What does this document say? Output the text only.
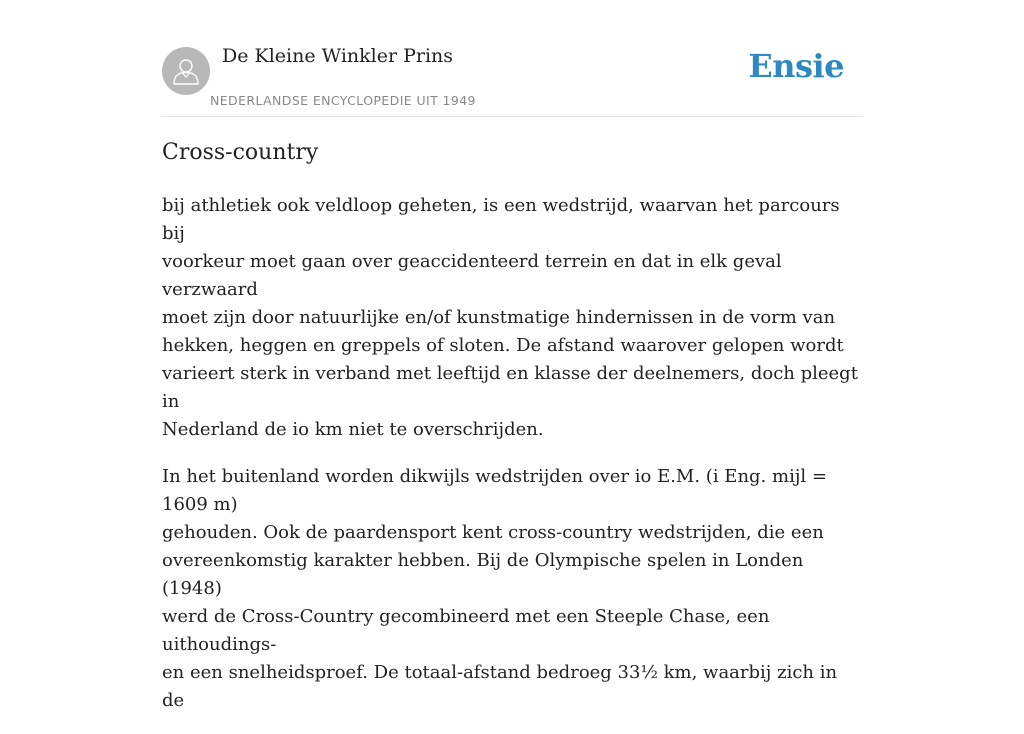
De Kleine Winkler Prins
NEDERLANDSE ENCYCLOPEDIE UIT 1949
Ensie
Cross-country

bij athletiek ook veldloop geheten, is een wedstrijd, waarvan het parcours bij
voorkeur moet gaan over geaccidenteerd terrein en dat in elk geval verzwaard
moet zijn door natuurlijke en/of kunstmatige hindernissen in de vorm van
hekken, heggen en greppels of sloten. De afstand waarover gelopen wordt
varieert sterk in verband met leeftijd en klasse der deelnemers, doch pleegt in
Nederland de io km niet te overschrijden.

In het buitenland worden dikwijls wedstrijden over io E.M. (i Eng. mijl = 1609 m)
gehouden. Ook de paardensport kent cross-country wedstrijden, die een
overeenkomstig karakter hebben. Bij de Olympische spelen in Londen (1948)
werd de Cross-Country gecombineerd met een Steeple Chase, een uithoudings-
en een snelheidsproef. De totaal-afstand bedroeg 33½ km, waarbij zich in de
